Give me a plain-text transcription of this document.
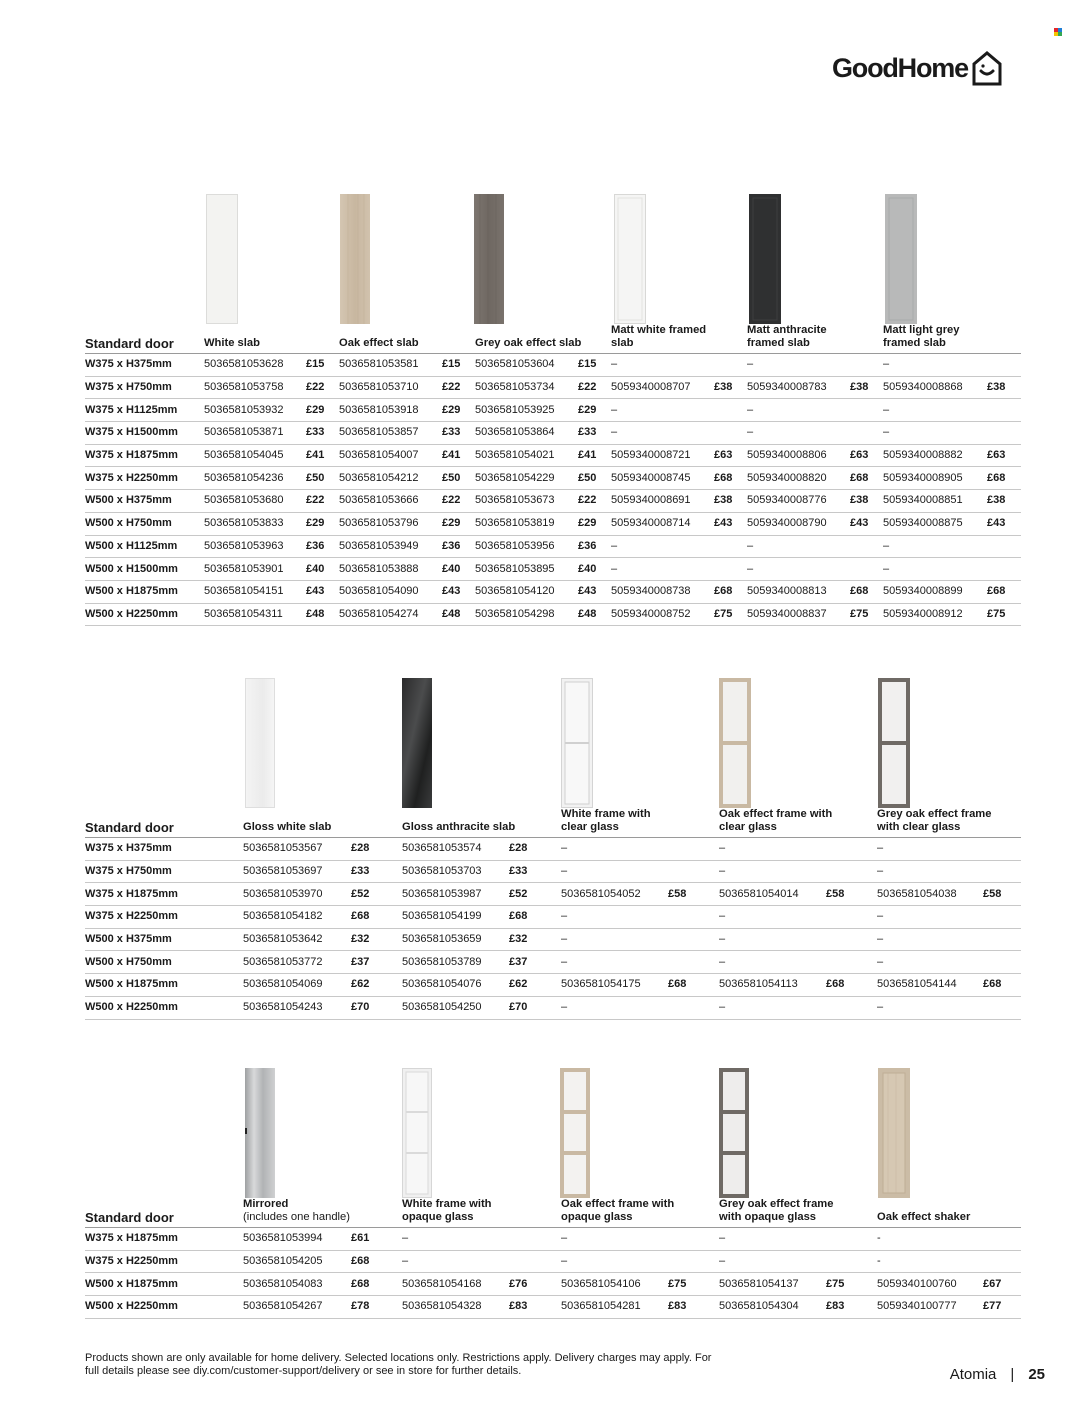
GoodHome
Standard door	White slab		Oak effect slab		Grey oak effect slab		Matt white framed slab		Matt anthracite framed slab		Matt light grey framed slab	
W375 x H375mm	5036581053628	£15	5036581053581	£15	5036581053604	£15	–		–		–	
W375 x H750mm	5036581053758	£22	5036581053710	£22	5036581053734	£22	5059340008707	£38	5059340008783	£38	5059340008868	£38
W375 x H1125mm	5036581053932	£29	5036581053918	£29	5036581053925	£29	–		–		–	
W375 x H1500mm	5036581053871	£33	5036581053857	£33	5036581053864	£33	–		–		–	
W375 x H1875mm	5036581054045	£41	5036581054007	£41	5036581054021	£41	5059340008721	£63	5059340008806	£63	5059340008882	£63
W375 x H2250mm	5036581054236	£50	5036581054212	£50	5036581054229	£50	5059340008745	£68	5059340008820	£68	5059340008905	£68
W500 x H375mm	5036581053680	£22	5036581053666	£22	5036581053673	£22	5059340008691	£38	5059340008776	£38	5059340008851	£38
W500 x H750mm	5036581053833	£29	5036581053796	£29	5036581053819	£29	5059340008714	£43	5059340008790	£43	5059340008875	£43
W500 x H1125mm	5036581053963	£36	5036581053949	£36	5036581053956	£36	–		–		–	
W500 x H1500mm	5036581053901	£40	5036581053888	£40	5036581053895	£40	–		–		–	
W500 x H1875mm	5036581054151	£43	5036581054090	£43	5036581054120	£43	5059340008738	£68	5059340008813	£68	5059340008899	£68
W500 x H2250mm	5036581054311	£48	5036581054274	£48	5036581054298	£48	5059340008752	£75	5059340008837	£75	5059340008912	£75
Standard door	Gloss white slab		Gloss anthracite slab		White frame with clear glass		Oak effect frame with clear glass		Grey oak effect frame with clear glass	
W375 x H375mm	5036581053567	£28	5036581053574	£28	–		–		–	
W375 x H750mm	5036581053697	£33	5036581053703	£33	–		–		–	
W375 x H1875mm	5036581053970	£52	5036581053987	£52	5036581054052	£58	5036581054014	£58	5036581054038	£58
W375 x H2250mm	5036581054182	£68	5036581054199	£68	–		–		–	
W500 x H375mm	5036581053642	£32	5036581053659	£32	–		–		–	
W500 x H750mm	5036581053772	£37	5036581053789	£37	–		–		–	
W500 x H1875mm	5036581054069	£62	5036581054076	£62	5036581054175	£68	5036581054113	£68	5036581054144	£68
W500 x H2250mm	5036581054243	£70	5036581054250	£70	–		–		–	
Standard door	Mirrored
(includes one handle)		White frame with opaque glass		Oak effect frame with opaque glass		Grey oak effect frame with opaque glass		Oak effect shaker	
W375 x H1875mm	5036581053994	£61	–		–		–		-	
W375 x H2250mm	5036581054205	£68	–		–		–		-	
W500 x H1875mm	5036581054083	£68	5036581054168	£76	5036581054106	£75	5036581054137	£75	5059340100760	£67
W500 x H2250mm	5036581054267	£78	5036581054328	£83	5036581054281	£83	5036581054304	£83	5059340100777	£77

Products shown are only available for home delivery. Selected locations only. Restrictions apply. Delivery charges may apply. For full details please see diy.com/customer-support/delivery or see in store for further details.	Atomia | 25
